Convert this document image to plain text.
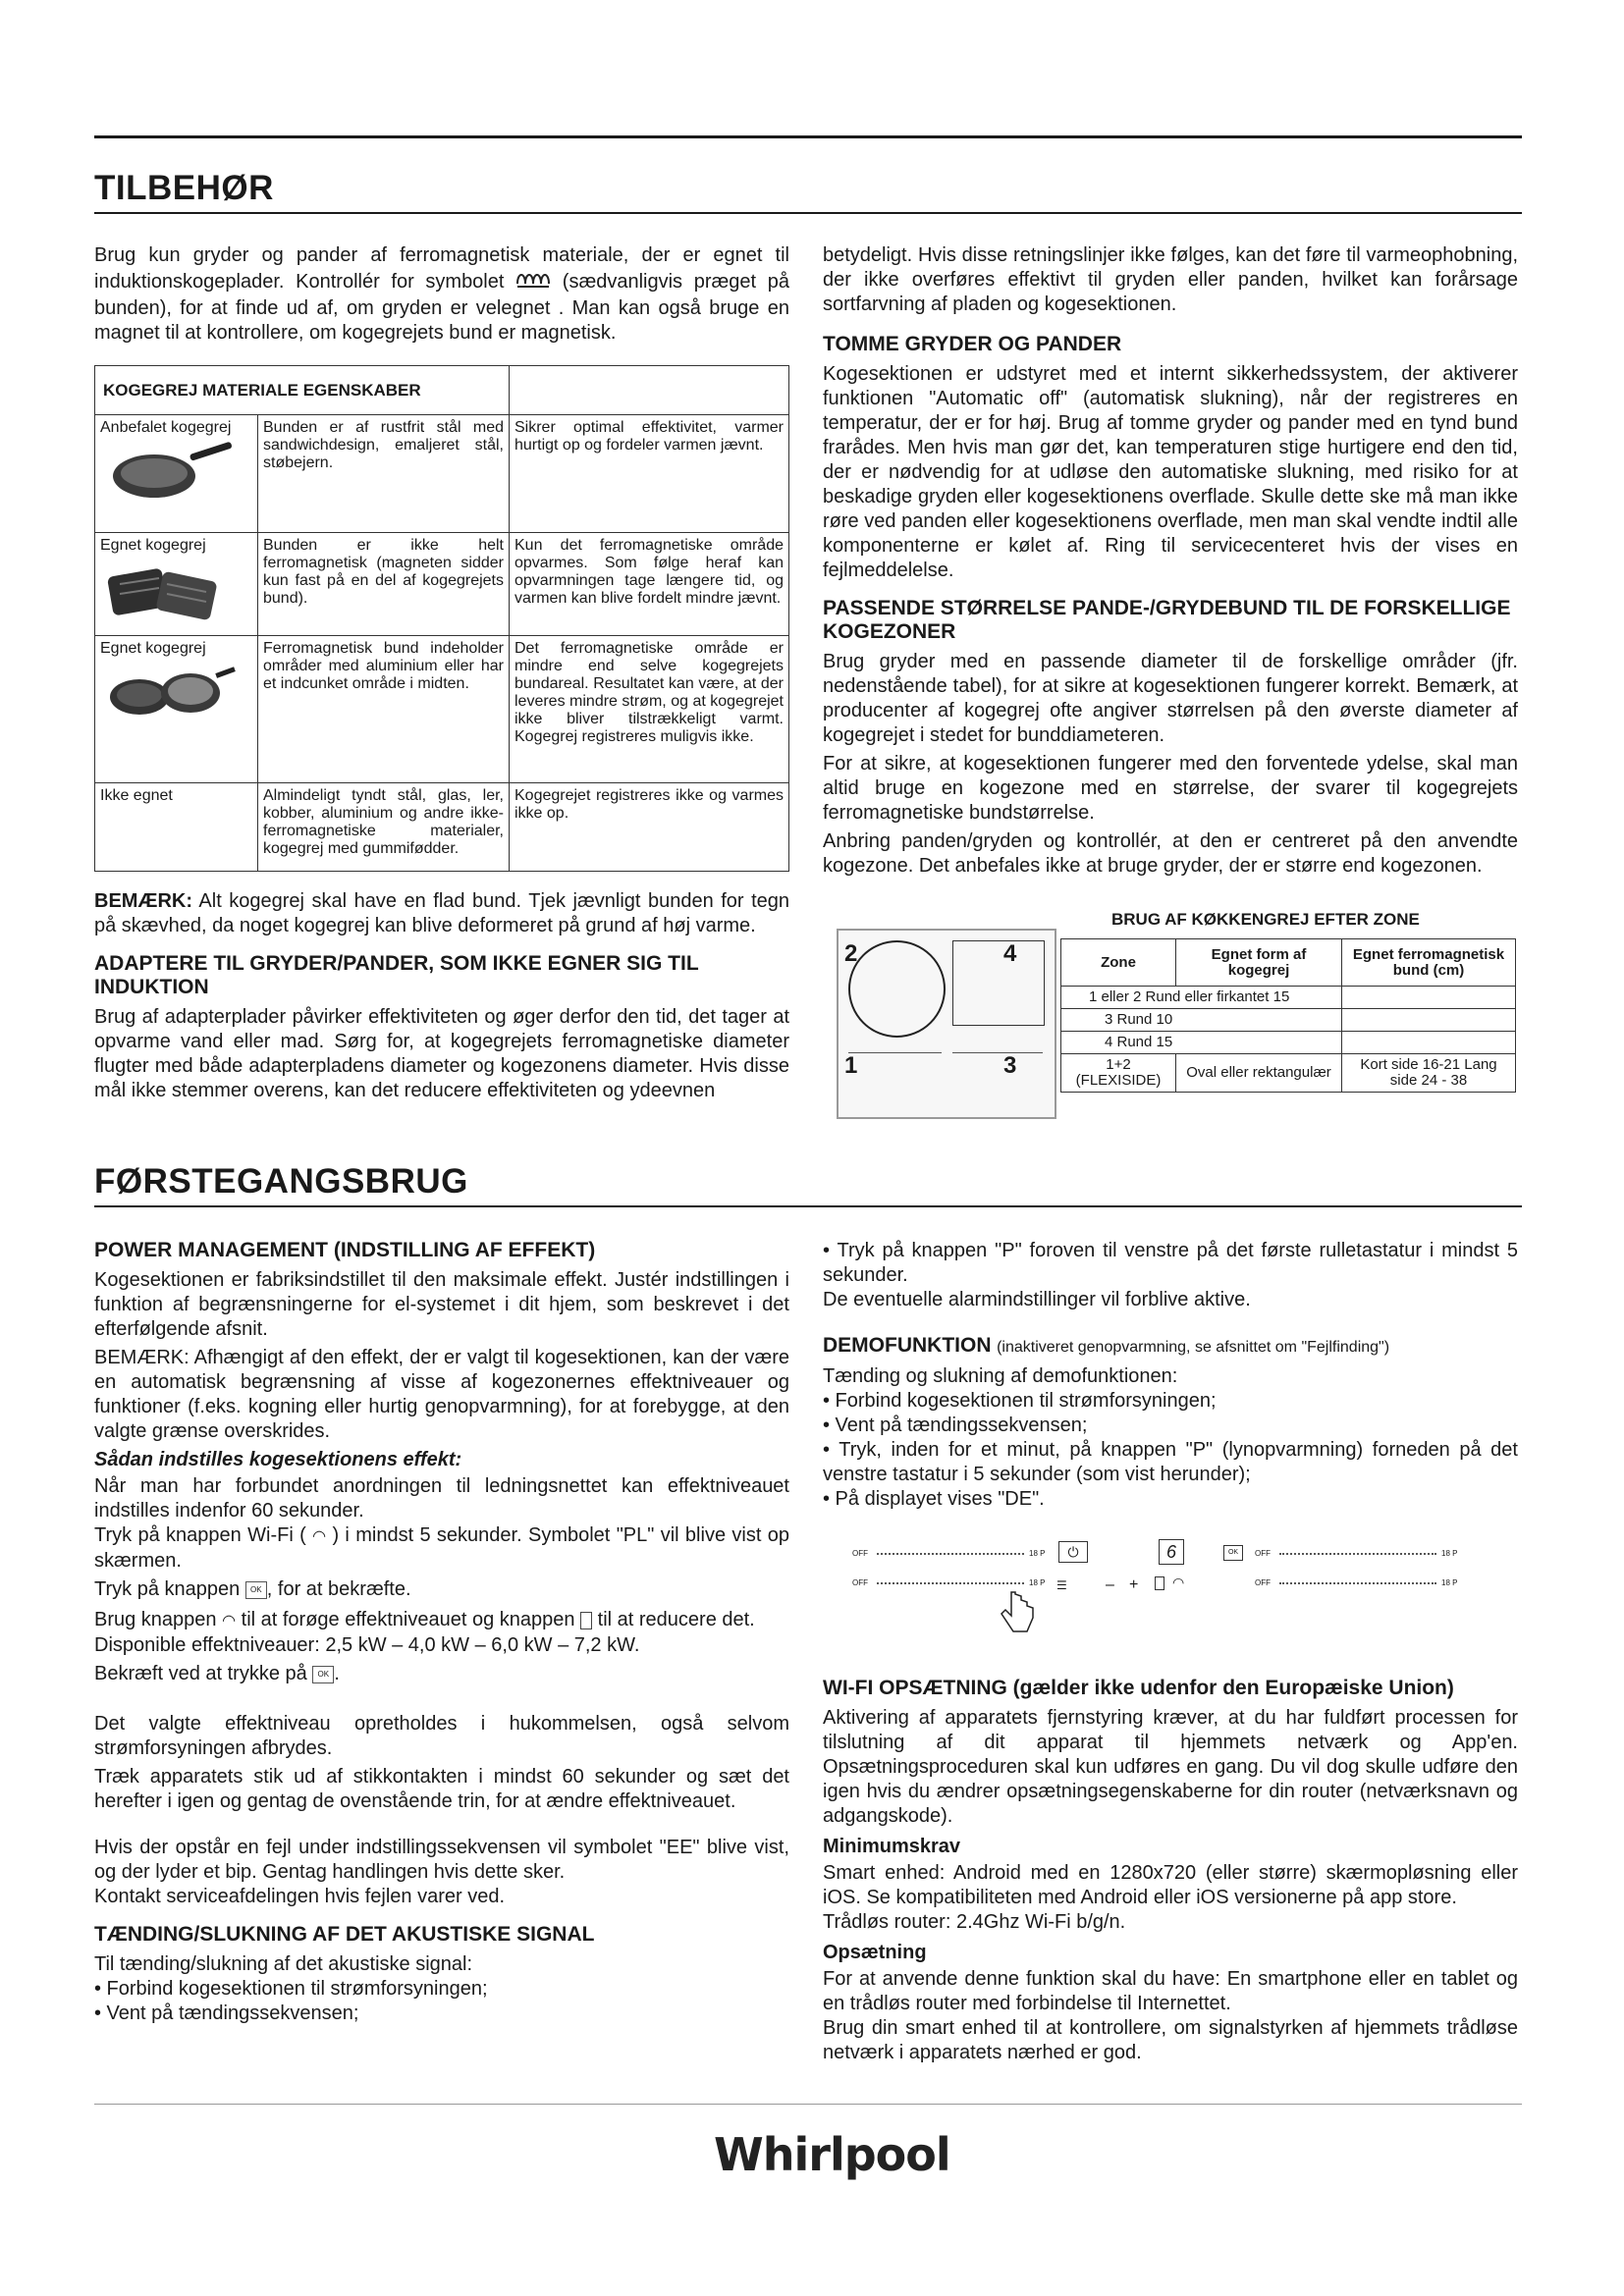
TILBEHØR

Brug kun gryder og pander af ferromagnetisk materiale, der er egnet til induktionskogeplader. Kontrollér for symbolet	(sædvanligvis præget på bunden), for at finde ud af, om gryden er velegnet . Man kan også bruge en magnet til at kontrollere, om kogegrejets bund er magnetisk.

KOGEGREJ MATERIALE EGENSKABER		

Anbefalet kogegrej	Bunden er af rustfrit stål med sandwichdesign, emaljeret stål, støbejern.	Sikrer optimal effektivitet, varmer hurtigt op og fordeler varmen jævnt.

Egnet kogegrej	Bunden er ikke helt ferromagnetisk (magneten sidder kun fast på en del af kogegrejets bund).	Kun det ferromagnetiske område opvarmes. Som følge heraf kan opvarmningen tage længere tid, og varmen kan blive fordelt mindre jævnt.

Egnet kogegrej	Ferromagnetisk bund indeholder områder med aluminium eller har et indcunket område i midten.	Det ferromagnetiske område er mindre end selve kogegrejets bundareal. Resultatet kan være, at der leveres mindre strøm, og at kogegrejet ikke bliver tilstrækkeligt varmt. Kogegrej registreres muligvis ikke.
Ikke egnet	Almindeligt tyndt stål, glas, ler, kobber, aluminium og andre ikke-ferromagnetiske materialer, kogegrej med gummifødder.	Kogegrejet registreres ikke og varmes ikke op.

BEMÆRK: Alt kogegrej skal have en flad bund. Tjek jævnligt bunden for tegn på skævhed, da noget kogegrej kan blive deformeret på grund af høj varme.

ADAPTERE TIL GRYDER/PANDER, SOM IKKE EGNER SIG TIL INDUKTION

Brug af adapterplader påvirker effektiviteten og øger derfor den tid, det tager at opvarme vand eller mad. Sørg for, at kogegrejets ferromagnetiske diameter flugter med både adapterpladens diameter og kogezonens diameter. Hvis disse mål ikke stemmer overens, kan det reducere effektiviteten og ydeevnen

betydeligt. Hvis disse retningslinjer ikke følges, kan det føre til varmeophobning, der ikke overføres effektivt til gryden eller panden, hvilket kan forårsage sortfarvning af pladen og kogesektionen.

TOMME GRYDER OG PANDER

Kogesektionen er udstyret med et internt sikkerhedssystem, der aktiverer funktionen "Automatic off" (automatisk slukning), når der registreres en temperatur, der er for høj. Brug af tomme gryder og pander med en tynd bund frarådes. Men hvis man gør det, kan temperaturen stige hurtigere end den tid, der er nødvendig for at udløse den automatiske slukning, med risiko for at beskadige gryden eller kogesektionens overflade. Skulle dette ske må man ikke røre ved panden eller kogesektionens overflade, men man skal vendte indtil alle komponenterne er kølet af. Ring til servicecenteret hvis der vises en fejlmeddelelse.

PASSENDE STØRRELSE PANDE-/GRYDEBUND TIL DE FORSKELLIGE KOGEZONER

Brug gryder med en passende diameter til de forskellige områder (jfr. nedenstående tabel), for at sikre at kogesektionen fungerer korrekt. Bemærk, at producenter af kogegrej ofte angiver størrelsen på den øverste diameter af kogegrejet i stedet for bunddiameteren.

For at sikre, at kogesektionen fungerer med den forventede ydelse, skal man altid bruge en kogezone med en størrelse, der svarer til kogegrejets ferromagnetiske bundstørrelse.

Anbring panden/gryden og kontrollér, at den er centreret på den anvendte kogezone. Det anbefales ikke at bruge gryder, der er større end kogezonen.

BRUG AF KØKKENGREJ EFTER ZONE
2	4
1	3
Zone	Egnet form af kogegrej	Egnet ferromagnetisk bund (cm)
1 eller 2 Rund eller firkantet 15		
3 Rund 10		
4 Rund 15		
1+2 (FLEXISIDE)	Oval eller rektangulær	Kort side 16-21 Lang side 24 - 38
FØRSTEGANGSBRUG
POWER MANAGEMENT (INDSTILLING AF EFFEKT)

Kogesektionen er fabriksindstillet til den maksimale effekt. Justér indstillingen i funktion af begrænsningerne for el-systemet i dit hjem, som beskrevet i det efterfølgende afsnit.

BEMÆRK: Afhængigt af den effekt, der er valgt til kogesektionen, kan der være en automatisk begrænsning af visse af kogezonernes effektniveauer og funktioner (f.eks. kogning eller hurtig genopvarmning), for at forebygge, at den valgte grænse overskrides.

Sådan indstilles kogesektionens effekt:

Når man har forbundet anordningen til ledningsnettet kan effektniveauet indstilles indenfor 60 sekunder.

Tryk på knappen Wi-Fi ( ◠ ) i mindst 5 sekunder. Symbolet "PL" vil blive vist op skærmen.

Tryk på knappen OK , for at bekræfte.

Brug knappen ◠ til at forøge effektniveauet og knappen til at reducere det.

Disponible effektniveauer: 2,5 kW – 4,0 kW – 6,0 kW – 7,2 kW.

Bekræft ved at trykke på OK .

Det valgte effektniveau opretholdes i hukommelsen, også selvom strømforsyningen afbrydes.

Træk apparatets stik ud af stikkontakten i mindst 60 sekunder og sæt det herefter i igen og gentag de ovenstående trin, for at ændre effektniveauet.

Hvis der opstår en fejl under indstillingssekvensen vil symbolet "EE" blive vist, og der lyder et bip. Gentag handlingen hvis dette sker.

Kontakt serviceafdelingen hvis fejlen varer ved.

TÆNDING/SLUKNING AF DET AKUSTISKE SIGNAL

Til tænding/slukning af det akustiske signal:

• Forbind kogesektionen til strømforsyningen;

• Vent på tændingssekvensen;

• Tryk på knappen "P" foroven til venstre på det første rulletastatur i mindst 5 sekunder.

De eventuelle alarmindstillinger vil forblive aktive.

DEMOFUNKTION (inaktiveret genopvarmning, se afsnittet om "Fejlfinding")

Tænding og slukning af demofunktionen:

• Forbind kogesektionen til strømforsyningen;

• Vent på tændingssekvensen;

• Tryk, inden for et minut, på knappen "P" (lynopvarmning) forneden på det venstre tastatur i 5 sekunder (som vist herunder);

• På displayet vises "DE".

OFF	18 P
OFF	18 P
⏻	6	OK
☰ – + ◠
OFF	18 P
OFF	18 P
WI-FI OPSÆTNING (gælder ikke udenfor den Europæiske Union)

Aktivering af apparatets fjernstyring kræver, at du har fuldført processen for tilslutning af dit apparat til hjemmets netværk og App'en. Opsætningsproceduren skal kun udføres en gang. Du vil dog skulle udføre den igen hvis du ændrer opsætningsegenskaberne for din router (netværksnavn og adgangskode).

Minimumskrav

Smart enhed: Android med en 1280x720 (eller større) skærmopløsning eller iOS. Se kompatibiliteten med Android eller iOS versionerne på app store.

Trådløs router: 2.4Ghz Wi-Fi b/g/n.

Opsætning

For at anvende denne funktion skal du have: En smartphone eller en tablet og en trådløs router med forbindelse til Internettet.

Brug din smart enhed til at kontrollere, om signalstyrken af hjemmets trådløse netværk i apparatets nærhed er god.

Whirlpool
